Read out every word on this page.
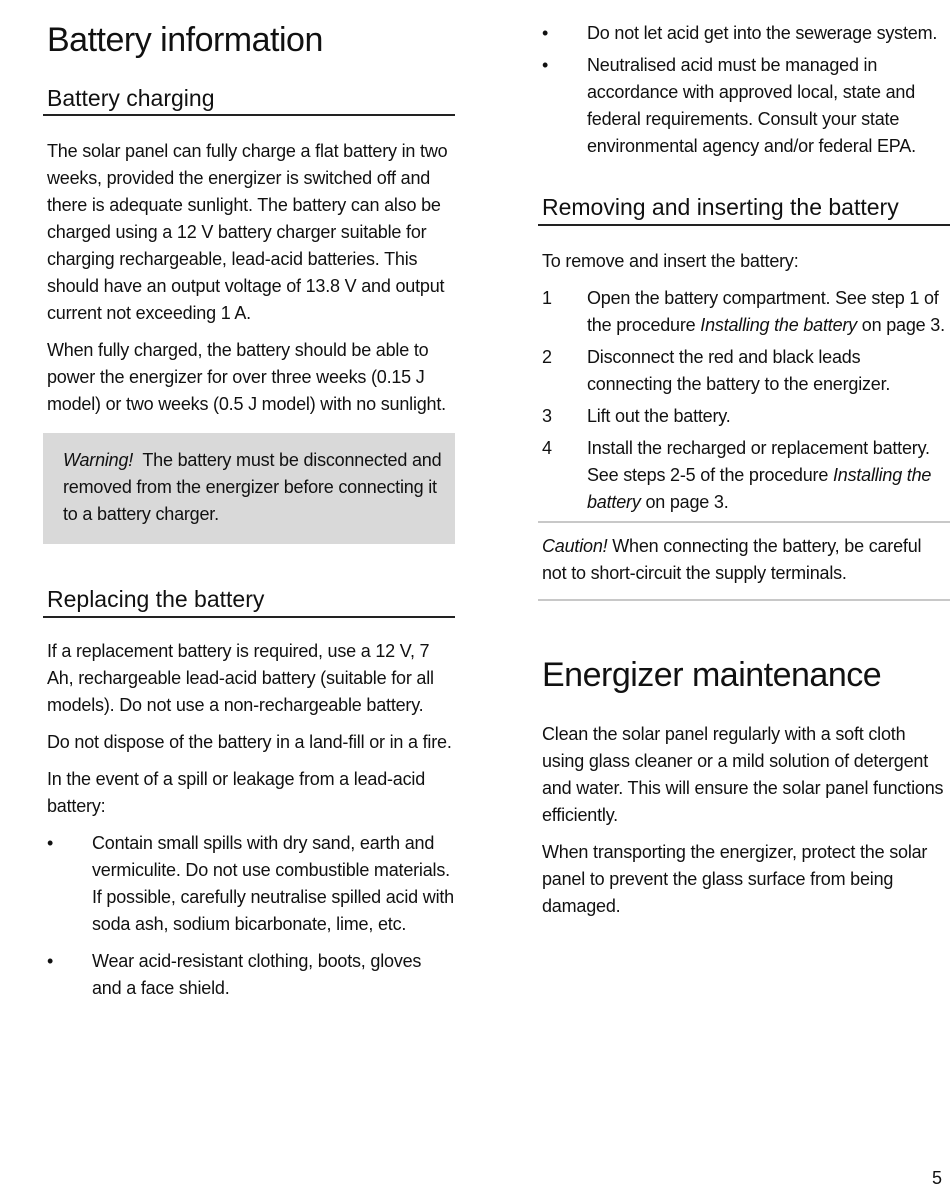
Battery information
Battery charging

The solar panel can fully charge a flat battery in two weeks, provided the energizer is switched off and there is adequate sunlight. The battery can also be charged using a 12 V battery charger suitable for charging rechargeable, lead-acid batteries. This should have an output voltage of 13.8 V and output current not exceeding 1 A.

When fully charged, the battery should be able to power the energizer for over three weeks (0.15 J model) or two weeks (0.5 J model) with no sunlight.

Warning! The battery must be disconnected and removed from the energizer before connecting it to a battery charger.

Replacing the battery

If a replacement battery is required, use a 12 V, 7 Ah, rechargeable lead-acid battery (suitable for all models). Do not use a non-rechargeable battery.

Do not dispose of the battery in a land-fill or in a fire.

In the event of a spill or leakage from a lead-acid battery:

• Contain small spills with dry sand, earth and vermiculite. Do not use combustible materials. If possible, carefully neutralise spilled acid with soda ash, sodium bicarbonate, lime, etc.
• Wear acid-resistant clothing, boots, gloves and a face shield.
• Do not let acid get into the sewerage system.
• Neutralised acid must be managed in accordance with approved local, state and federal requirements. Consult your state environmental agency and/or federal EPA.
Removing and inserting the battery

To remove and insert the battery:

1 Open the battery compartment. See step 1 of the procedure Installing the battery on page 3.
2 Disconnect the red and black leads connecting the battery to the energizer.
3 Lift out the battery.
4 Install the recharged or replacement battery. See steps 2-5 of the procedure Installing the battery on page 3.

Caution! When connecting the battery, be careful not to short-circuit the supply terminals.

Energizer maintenance

Clean the solar panel regularly with a soft cloth using glass cleaner or a mild solution of detergent and water. This will ensure the solar panel functions efficiently.

When transporting the energizer, protect the solar panel to prevent the glass surface from being damaged.

5
